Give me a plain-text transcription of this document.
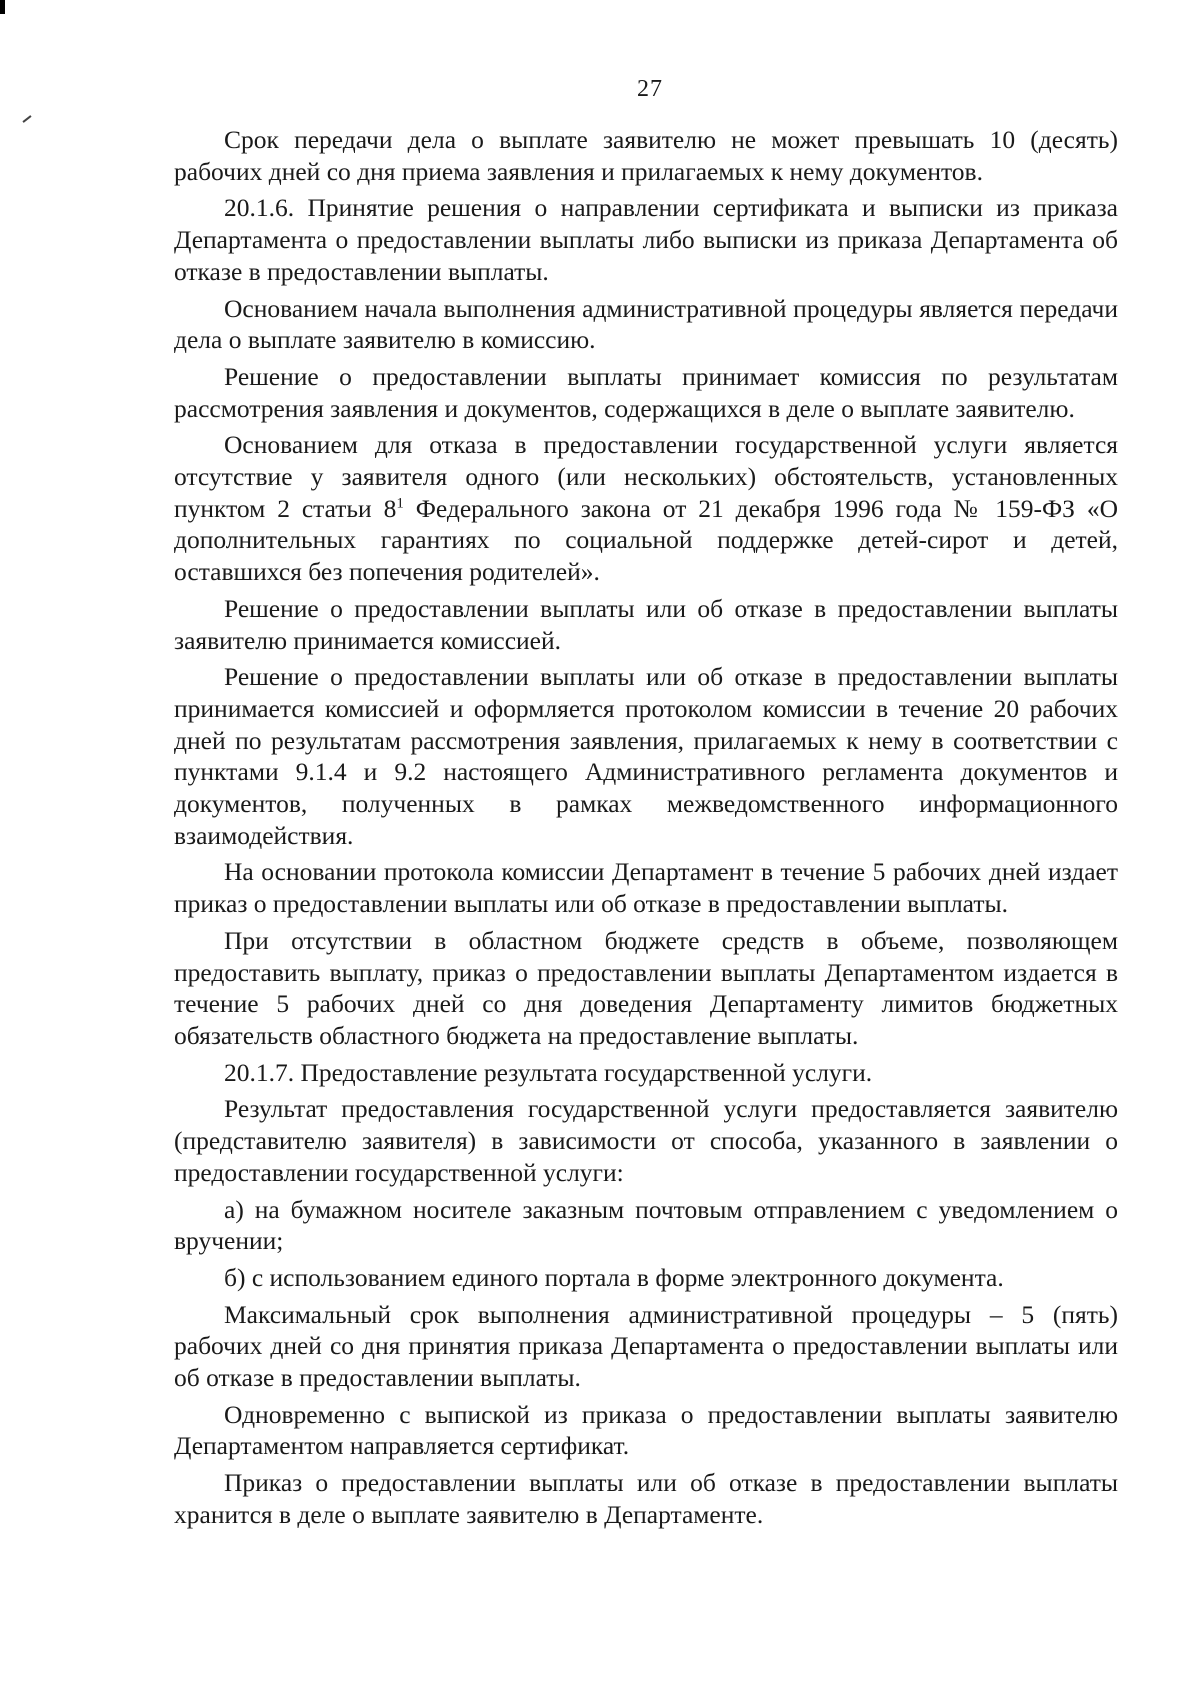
27

Срок передачи дела о выплате заявителю не может превышать 10 (десять) рабочих дней со дня приема заявления и прилагаемых к нему документов.

20.1.6. Принятие решения о направлении сертификата и выписки из приказа Департамента о предоставлении выплаты либо выписки из приказа Департамента об отказе в предоставлении выплаты.

Основанием начала выполнения административной процедуры является передачи дела о выплате заявителю в комиссию.

Решение о предоставлении выплаты принимает комиссия по результатам рассмотрения заявления и документов, содержащихся в деле о выплате заявителю.

Основанием для отказа в предоставлении государственной услуги является отсутствие у заявителя одного (или нескольких) обстоятельств, установленных пунктом 2 статьи $8^1$ Федерального закона от 21 декабря 1996 года № 159-ФЗ «О дополнительных гарантиях по социальной поддержке детей-сирот и детей, оставшихся без попечения родителей».

Решение о предоставлении выплаты или об отказе в предоставлении выплаты заявителю принимается комиссией.

Решение о предоставлении выплаты или об отказе в предоставлении выплаты принимается комиссией и оформляется протоколом комиссии в течение 20 рабочих дней по результатам рассмотрения заявления, прилагаемых к нему в соответствии с пунктами 9.1.4 и 9.2 настоящего Административного регламента документов и документов, полученных в рамках межведомственного информационного взаимодействия.

На основании протокола комиссии Департамент в течение 5 рабочих дней издает приказ о предоставлении выплаты или об отказе в предоставлении выплаты.

При отсутствии в областном бюджете средств в объеме, позволяющем предоставить выплату, приказ о предоставлении выплаты Департаментом издается в течение 5 рабочих дней со дня доведения Департаменту лимитов бюджетных обязательств областного бюджета на предоставление выплаты.

20.1.7. Предоставление результата государственной услуги.

Результат предоставления государственной услуги предоставляется заявителю (представителю заявителя) в зависимости от способа, указанного в заявлении о предоставлении государственной услуги:

а) на бумажном носителе заказным почтовым отправлением с уведомлением о вручении;

б) с использованием единого портала в форме электронного документа.

Максимальный срок выполнения административной процедуры – 5 (пять) рабочих дней со дня принятия приказа Департамента о предоставлении выплаты или об отказе в предоставлении выплаты.

Одновременно с выпиской из приказа о предоставлении выплаты заявителю Департаментом направляется сертификат.

Приказ о предоставлении выплаты или об отказе в предоставлении выплаты хранится в деле о выплате заявителю в Департаменте.
